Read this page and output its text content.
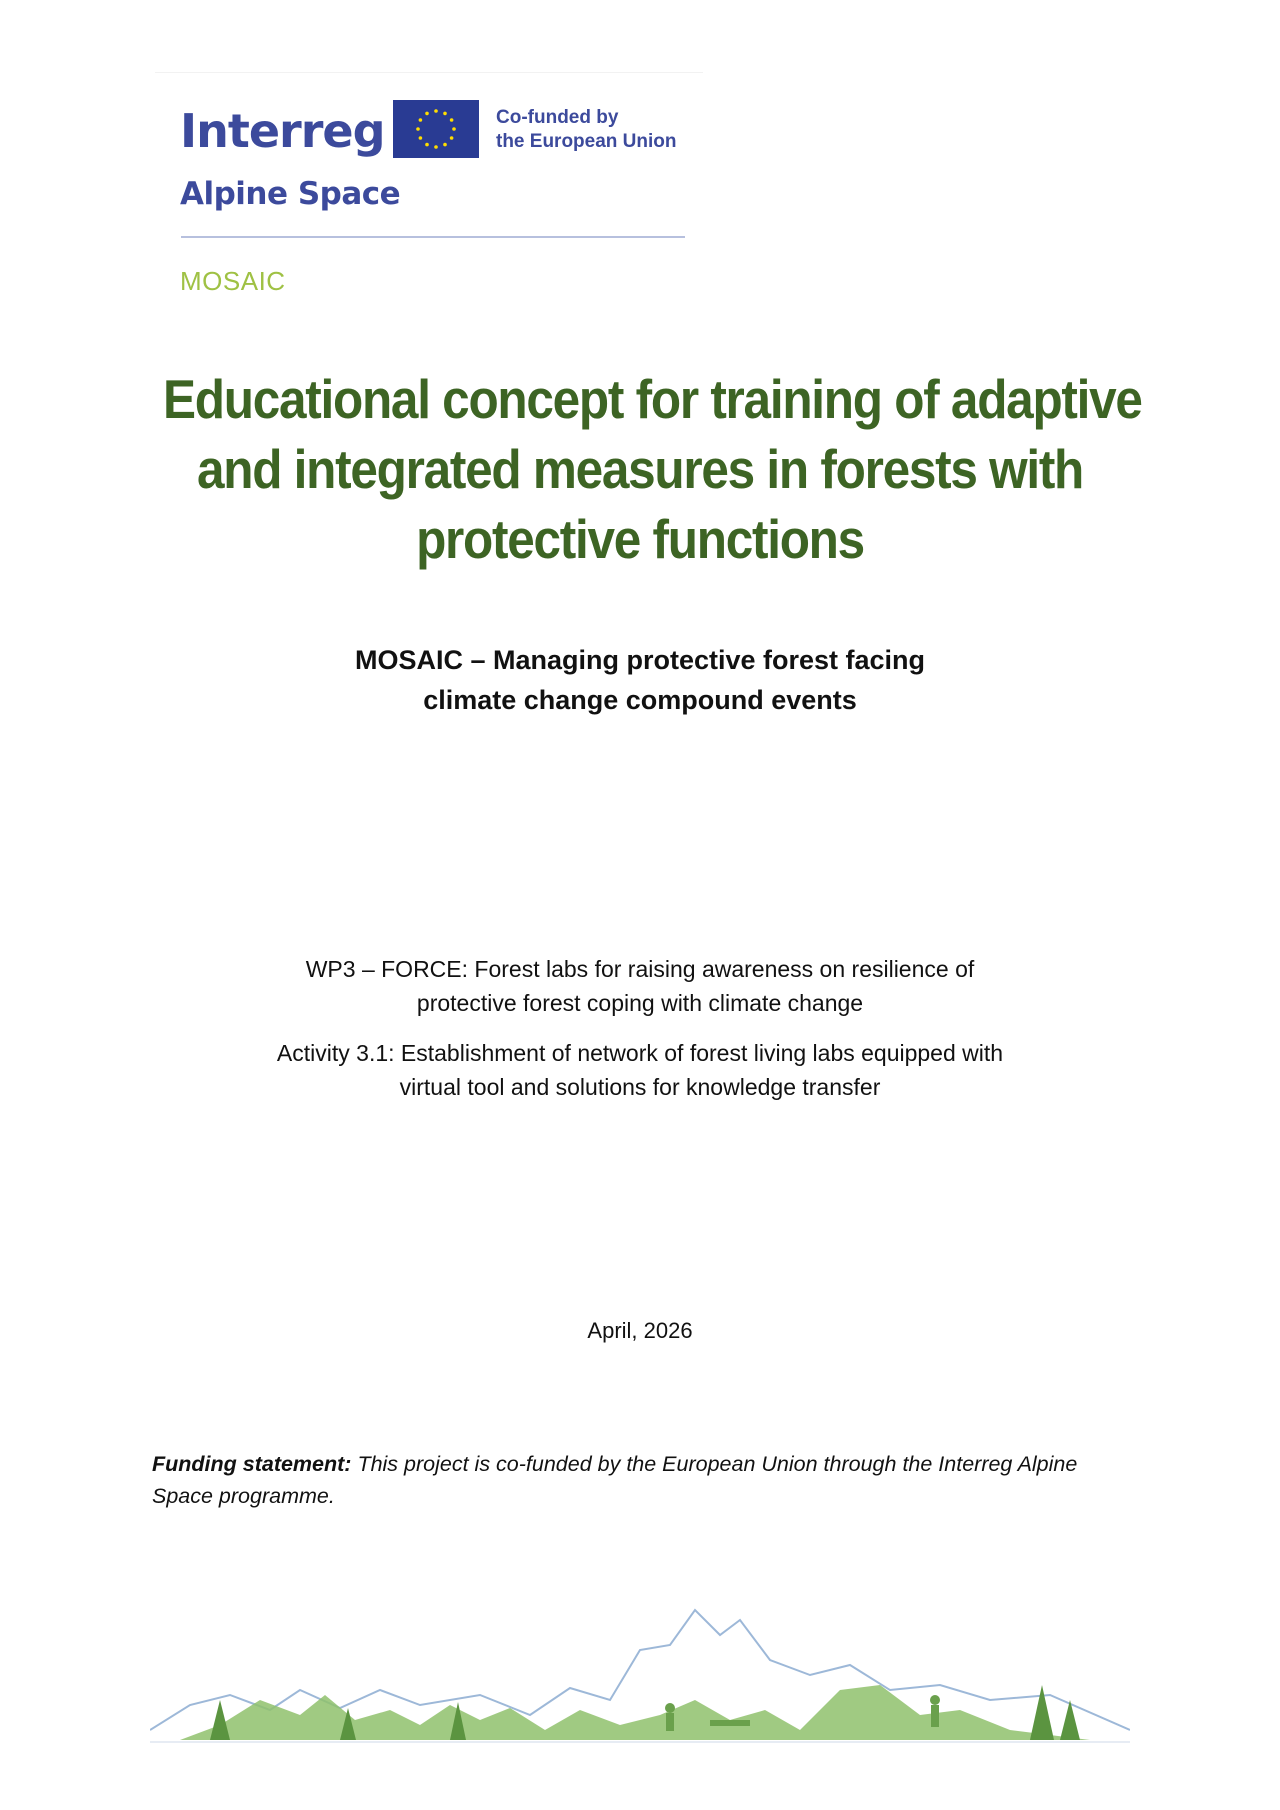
Interreg	Co-funded by
the European Union
Alpine Space
MOSAIC
Educational concept for training of adaptive
and integrated measures in forests with
protective functions
MOSAIC – Managing protective forest facing
climate change compound events
WP3 – FORCE: Forest labs for raising awareness on resilience of
protective forest coping with climate change
Activity 3.1: Establishment of network of forest living labs equipped with
virtual tool and solutions for knowledge transfer
April, 2026
Funding statement: This project is co-funded by the European Union through the Interreg Alpine
Space programme.
